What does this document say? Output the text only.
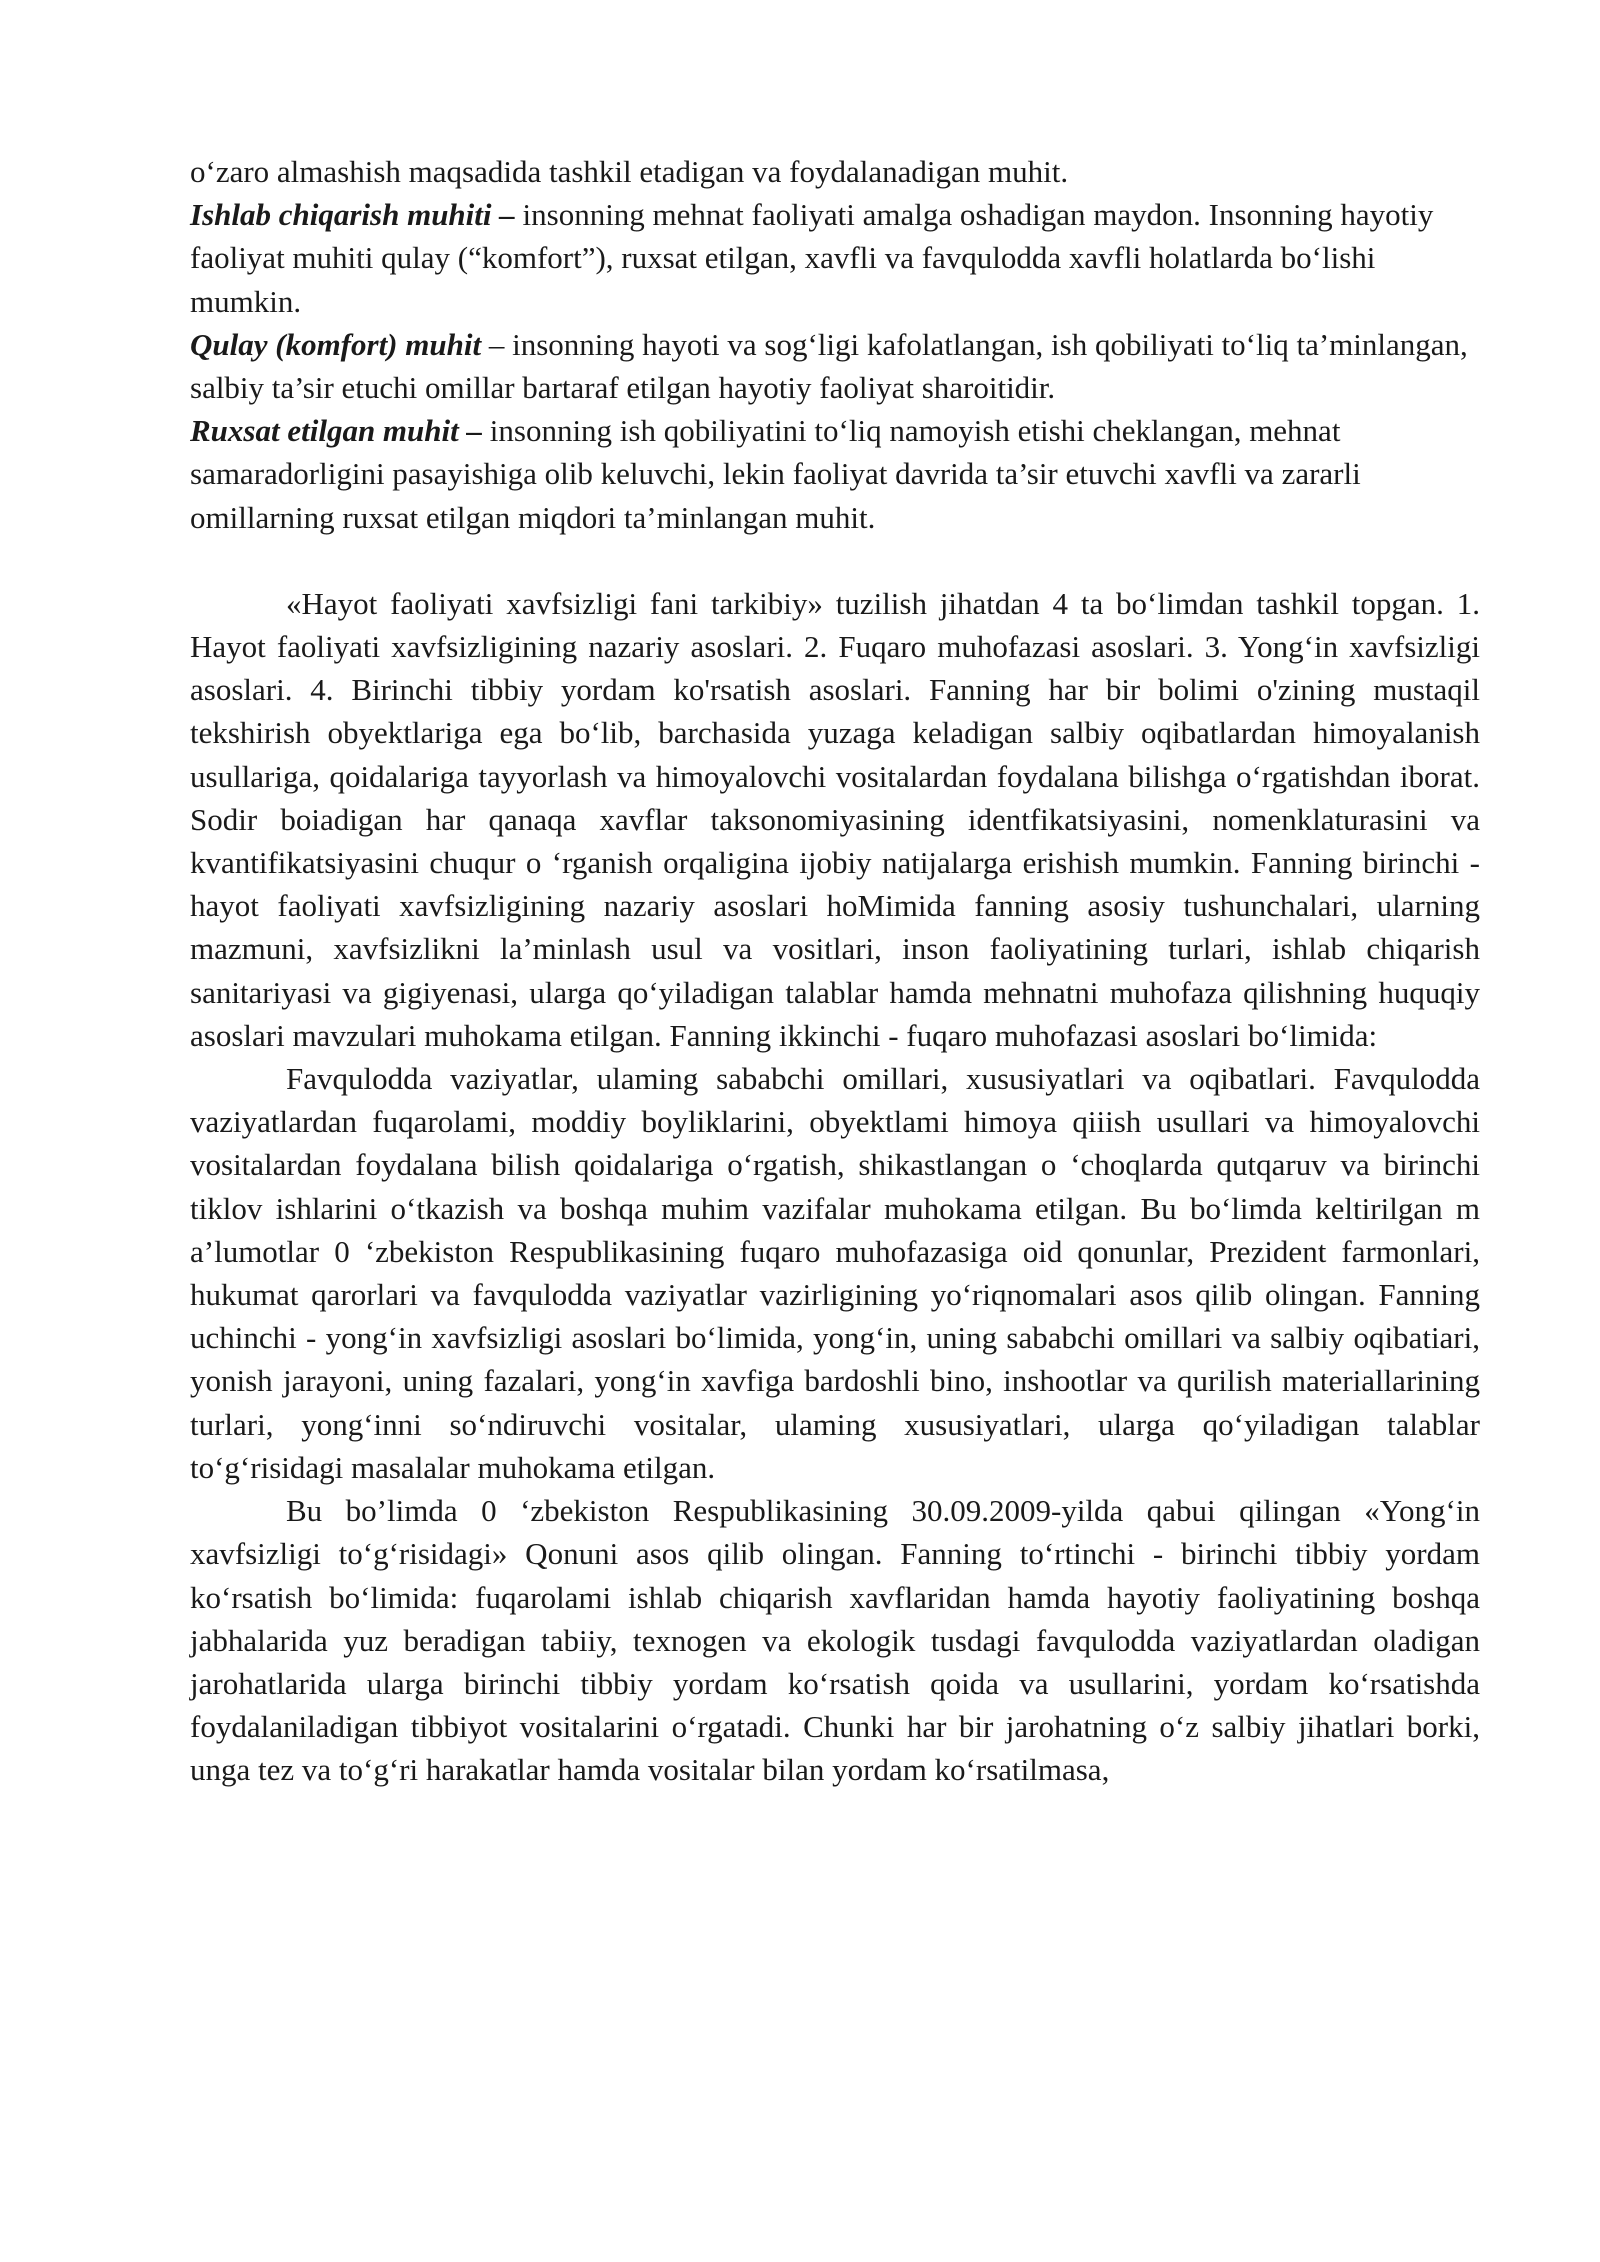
o‘zaro almashish maqsadida tashkil etadigan va foydalanadigan muhit.

Ishlab chiqarish muhiti – insonning mehnat faoliyati amalga oshadigan maydon. Insonning hayotiy faoliyat muhiti qulay (“komfort”), ruxsat etilgan, xavfli va favqulodda xavfli holatlarda bo‘lishi mumkin.

Qulay (komfort) muhit – insonning hayoti va sog‘ligi kafolatlangan, ish qobiliyati to‘liq ta’minlangan, salbiy ta’sir etuchi omillar bartaraf etilgan hayotiy faoliyat sharoitidir.

Ruxsat etilgan muhit – insonning ish qobiliyatini to‘liq namoyish etishi cheklangan, mehnat samaradorligini pasayishiga olib keluvchi, lekin faoliyat davrida ta’sir etuvchi xavfli va zararli omillarning ruxsat etilgan miqdori ta’minlangan muhit.

«Hayot faoliyati xavfsizligi fani tarkibiy» tuzilish jihatdan 4 ta bo‘limdan tashkil topgan. 1. Hayot faoliyati xavfsizligining nazariy asoslari. 2. Fuqaro muhofazasi asoslari. 3. Yong‘in xavfsizligi asoslari. 4. Birinchi tibbiy yordam ko'rsatish asoslari. Fanning har bir bolimi o'zining mustaqil tekshirish obyektlariga ega bo‘lib, barchasida yuzaga keladigan salbiy oqibatlardan himoyalanish usullariga, qoidalariga tayyorlash va himoyalovchi vositalardan foydalana bilishga o‘rgatishdan iborat. Sodir boiadigan har qanaqa xavflar taksonomiyasining identfikatsiyasini, nomenklaturasini va kvantifikatsiyasini chuqur o ‘rganish orqaligina ijobiy natijalarga erishish mumkin. Fanning birinchi - hayot faoliyati xavfsizligining nazariy asoslari hoMimida fanning asosiy tushunchalari, ularning mazmuni, xavfsizlikni la’minlash usul va vositlari, inson faoliyatining turlari, ishlab chiqarish sanitariyasi va gigiyenasi, ularga qo‘yiladigan talablar hamda mehnatni muhofaza qilishning huquqiy asoslari mavzulari muhokama etilgan. Fanning ikkinchi - fuqaro muhofazasi asoslari bo‘limida:

Favqulodda vaziyatlar, ulaming sababchi omillari, xususiyatlari va oqibatlari. Favqulodda vaziyatlardan fuqarolami, moddiy boyliklarini, obyektlami himoya qiiish usullari va himoyalovchi vositalardan foydalana bilish qoidalariga o‘rgatish, shikastlangan o ‘choqlarda qutqaruv va birinchi tiklov ishlarini o‘tkazish va boshqa muhim vazifalar muhokama etilgan. Bu bo‘limda keltirilgan m a’lumotlar 0 ‘zbekiston Respublikasining fuqaro muhofazasiga oid qonunlar, Prezident farmonlari, hukumat qarorlari va favqulodda vaziyatlar vazirligining yo‘riqnomalari asos qilib olingan. Fanning uchinchi - yong‘in xavfsizligi asoslari bo‘limida, yong‘in, uning sababchi omillari va salbiy oqibatiari, yonish jarayoni, uning fazalari, yong‘in xavfiga bardoshli bino, inshootlar va qurilish materiallarining turlari, yong‘inni so‘ndiruvchi vositalar, ulaming xususiyatlari, ularga qo‘yiladigan talablar to‘g‘risidagi masalalar muhokama etilgan.

Bu bo’limda 0 ‘zbekiston Respublikasining 30.09.2009-yilda qabui qilingan «Yong‘in xavfsizligi to‘g‘risidagi» Qonuni asos qilib olingan. Fanning to‘rtinchi - birinchi tibbiy yordam ko‘rsatish bo‘limida: fuqarolami ishlab chiqarish xavflaridan hamda hayotiy faoliyatining boshqa jabhalarida yuz beradigan tabiiy, texnogen va ekologik tusdagi favqulodda vaziyatlardan oladigan jarohatlarida ularga birinchi tibbiy yordam ko‘rsatish qoida va usullarini, yordam ko‘rsatishda foydalaniladigan tibbiyot vositalarini o‘rgatadi. Chunki har bir jarohatning o‘z salbiy jihatlari borki, unga tez va to‘g‘ri harakatlar hamda vositalar bilan yordam ko‘rsatilmasa,
